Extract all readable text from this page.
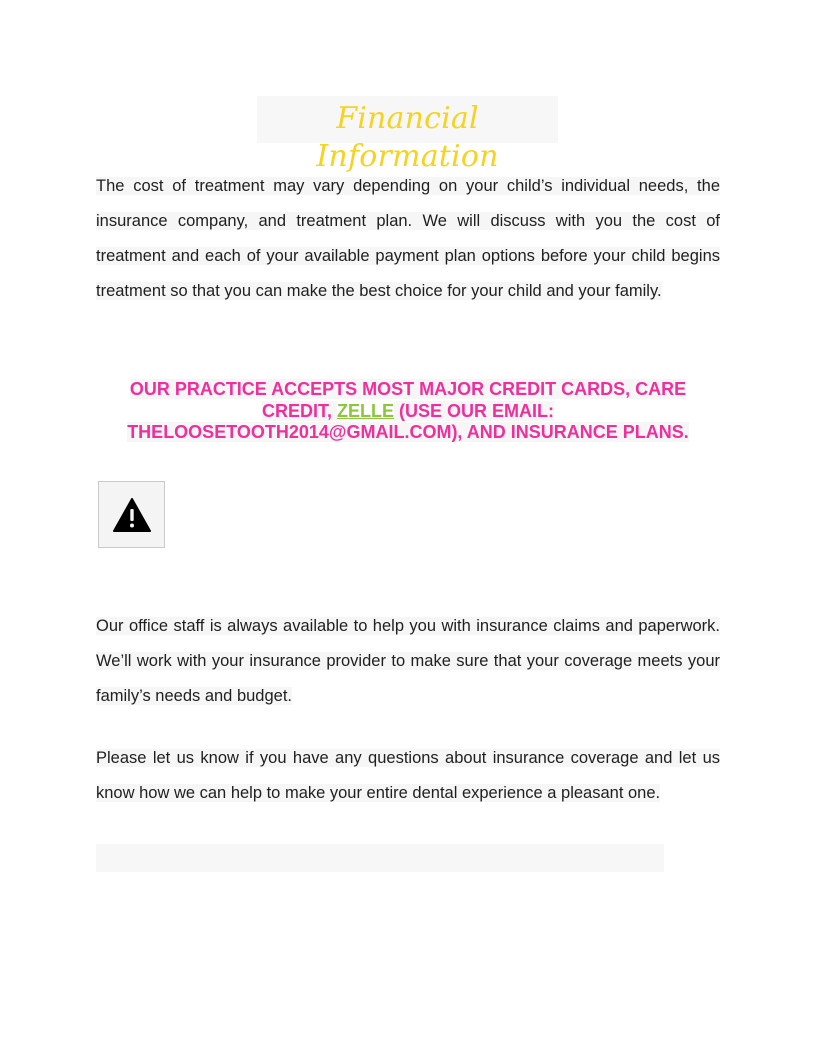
Financial Information

The cost of treatment may vary depending on your child’s individual needs, the insurance company, and treatment plan. We will discuss with you the cost of treatment and each of your available payment plan options before your child begins treatment so that you can make the best choice for your child and your family.

OUR PRACTICE ACCEPTS MOST MAJOR CREDIT CARDS, CARE CREDIT, ZELLE (USE OUR EMAIL: THELOOSETOOTH2014@GMAIL.COM), AND INSURANCE PLANS.

Our office staff is always available to help you with insurance claims and paperwork. We’ll work with your insurance provider to make sure that your coverage meets your family’s needs and budget.

Please let us know if you have any questions about insurance coverage and let us know how we can help to make your entire dental experience a pleasant one.
